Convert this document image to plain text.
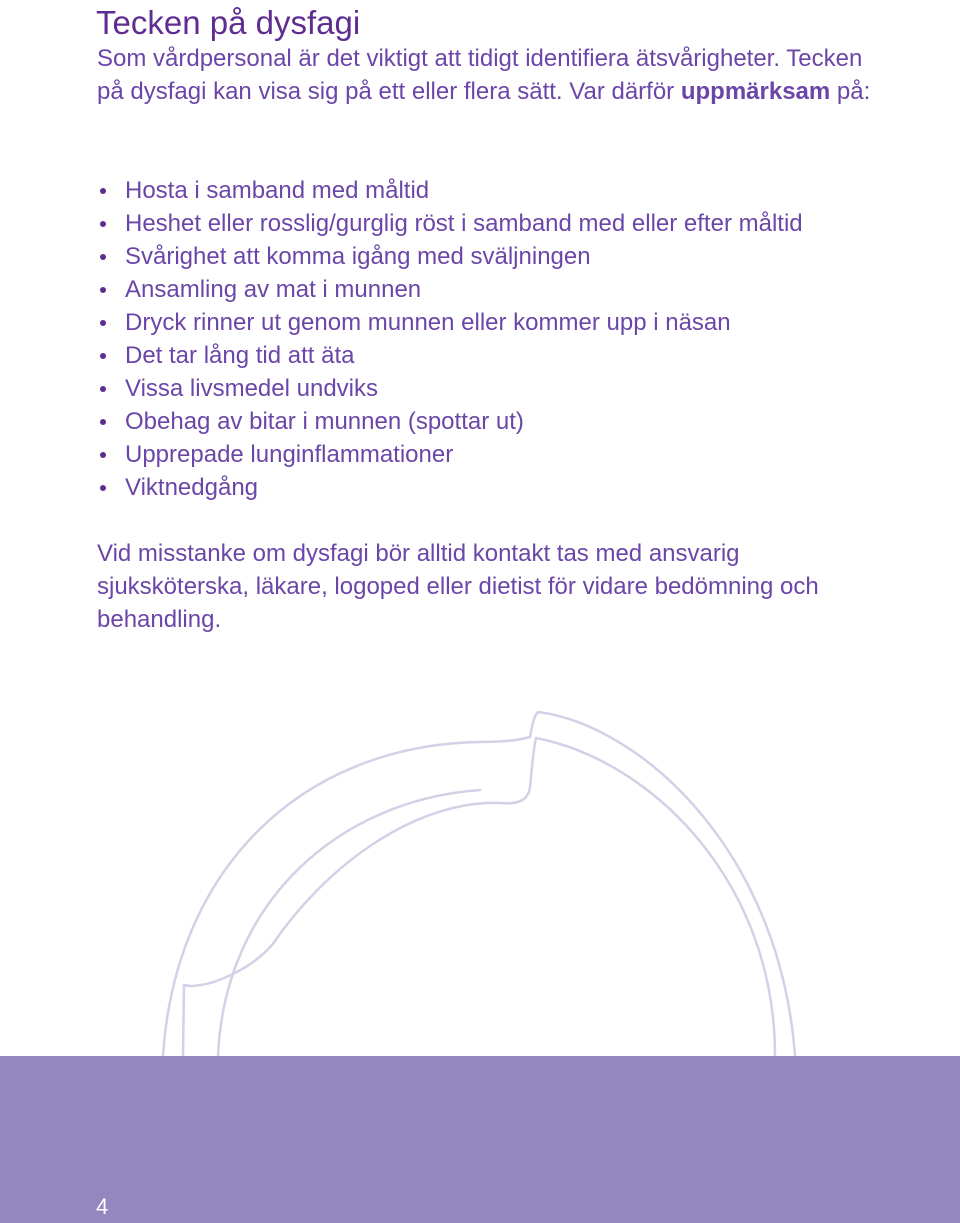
Tecken på dysfagi

Som vårdpersonal är det viktigt att tidigt identifiera ätsvårigheter. Tecken på dysfagi kan visa sig på ett eller flera sätt. Var därför uppmärksam på:

Hosta i samband med måltid
Heshet eller rosslig/gurglig röst i samband med eller efter måltid
Svårighet att komma igång med sväljningen
Ansamling av mat i munnen
Dryck rinner ut genom munnen eller kommer upp i näsan
Det tar lång tid att äta
Vissa livsmedel undviks
Obehag av bitar i munnen (spottar ut)
Upprepade lunginflammationer
Viktnedgång

Vid misstanke om dysfagi bör alltid kontakt tas med ansvarig sjuksköterska, läkare, logoped eller dietist för vidare bedömning och behandling.

4
